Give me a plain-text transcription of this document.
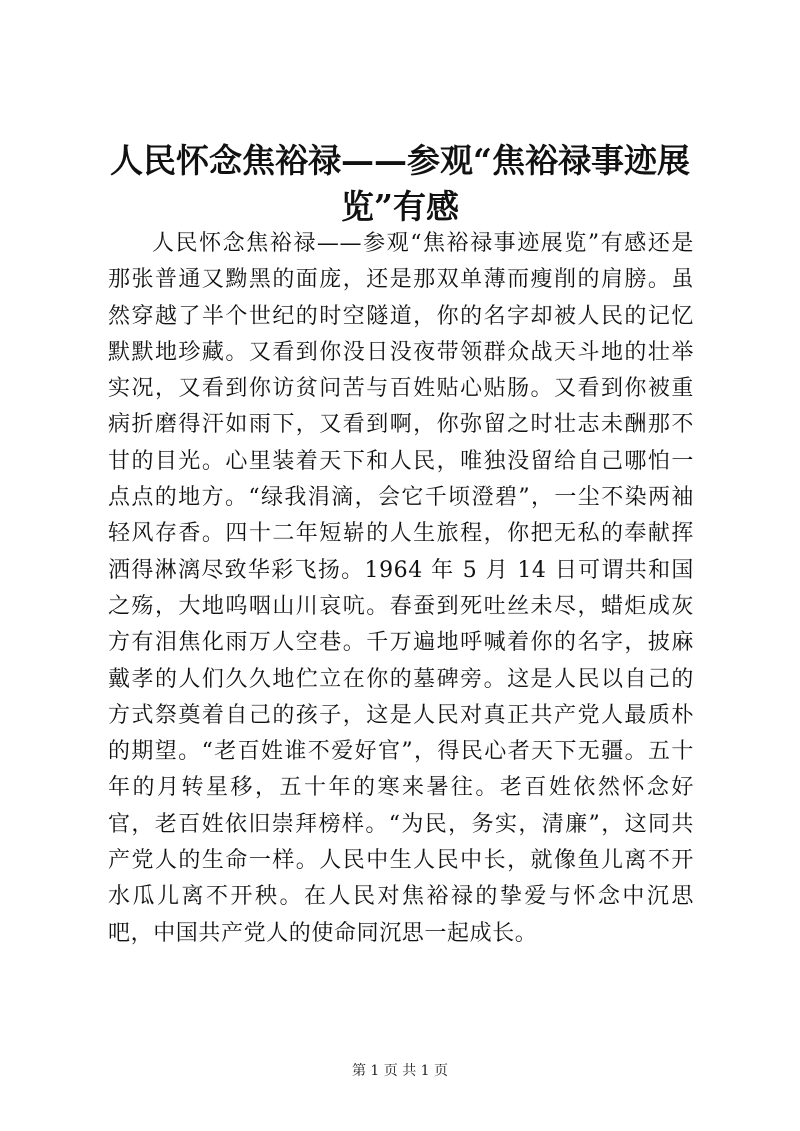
人民怀念焦裕禄——参观“焦裕禄事迹展览”有感

人民怀念焦裕禄——参观“焦裕禄事迹展览”有感还是那张普通又黝黑的面庞，还是那双单薄而瘦削的肩膀。虽然穿越了半个世纪的时空隧道，你的名字却被人民的记忆默默地珍藏。又看到你没日没夜带领群众战天斗地的壮举实况，又看到你访贫问苦与百姓贴心贴肠。又看到你被重病折磨得汗如雨下，又看到啊，你弥留之时壮志未酬那不甘的目光。心里装着天下和人民，唯独没留给自己哪怕一点点的地方。“绿我涓滴，会它千顷澄碧”，一尘不染两袖轻风存香。四十二年短崭的人生旅程，你把无私的奉献挥洒得淋漓尽致华彩飞扬。1964 年 5 月 14 日可谓共和国之殇，大地呜咽山川哀吭。春蚕到死吐丝未尽，蜡炬成灰方有泪焦化雨万人空巷。千万遍地呼喊着你的名字，披麻戴孝的人们久久地伫立在你的墓碑旁。这是人民以自己的方式祭奠着自己的孩子，这是人民对真正共产党人最质朴的期望。“老百姓谁不爱好官”，得民心者天下无疆。五十年的月转星移，五十年的寒来暑往。老百姓依然怀念好官，老百姓依旧崇拜榜样。“为民，务实，清廉”，这同共产党人的生命一样。人民中生人民中长，就像鱼儿离不开水瓜儿离不开秧。在人民对焦裕禄的挚爱与怀念中沉思吧，中国共产党人的使命同沉思一起成长。

第 1 页 共 1 页
